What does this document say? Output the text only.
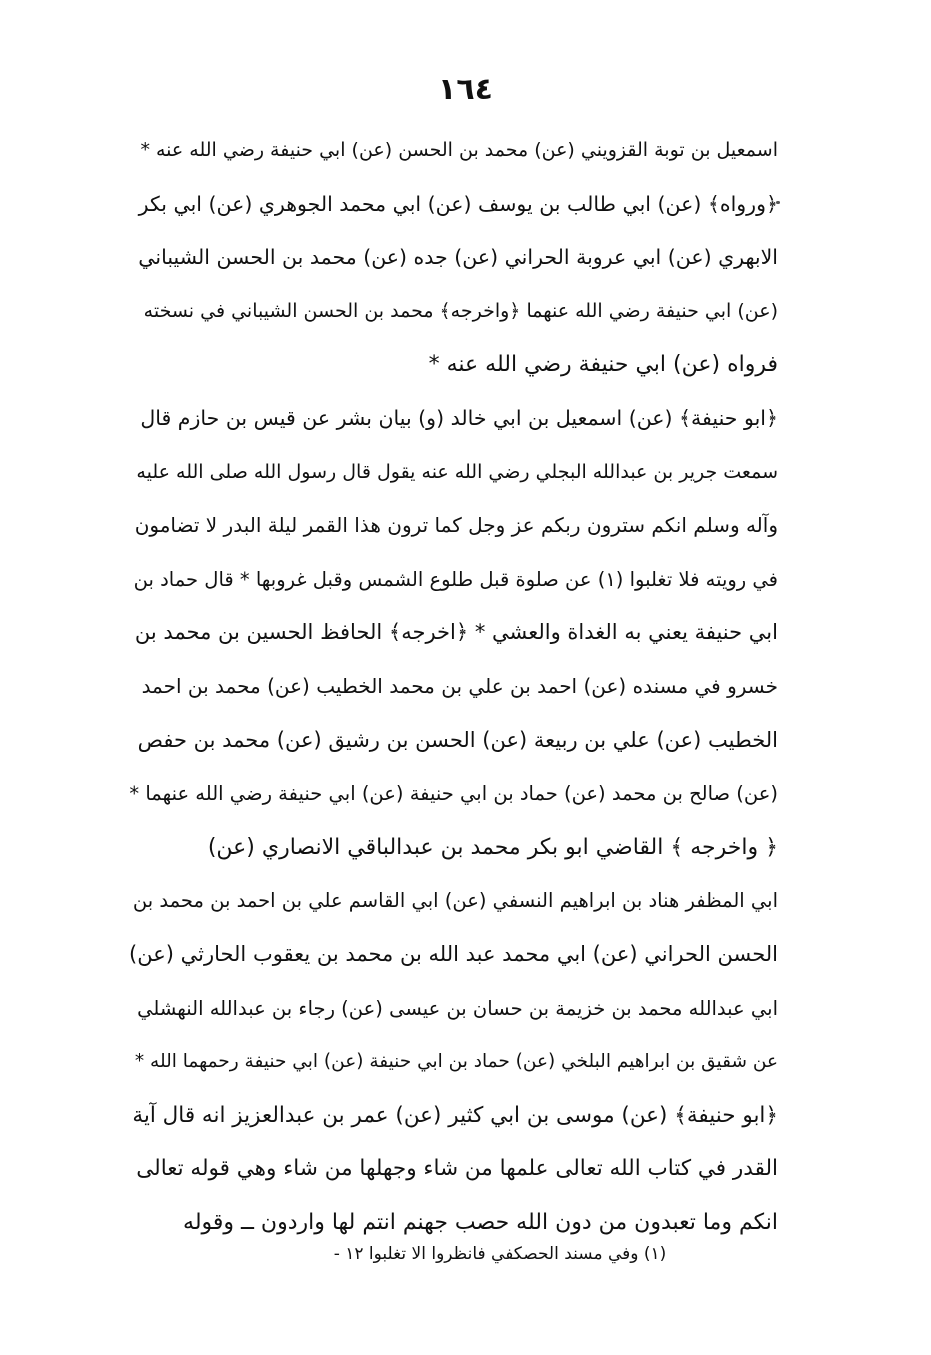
١٦٤
اسمعيل بن توبة القزويني (عن) محمد بن الحسن (عن) ابي حنيفة رضي الله عنه *
﴿ورواه﴾ (عن) ابي طالب بن يوسف (عن) ابي محمد الجوهري (عن) ابي بكر
الابهري (عن) ابي عروبة الحراني (عن) جده (عن) محمد بن الحسن الشيباني
(عن) ابي حنيفة رضي الله عنهما ﴿واخرجه﴾ محمد بن الحسن الشيباني في نسخته
فرواه (عن) ابي حنيفة رضي الله عنه *
﴿ابو حنيفة﴾ (عن) اسمعيل بن ابي خالد (و) بيان بشر عن قيس بن حازم قال
سمعت جرير بن عبدالله البجلي رضي الله عنه يقول قال رسول الله صلى الله عليه
وآله وسلم انكم سترون ربكم عز وجل كما ترون هذا القمر ليلة البدر لا تضامون
في رويته فلا تغلبوا (١) عن صلوة قبل طلوع الشمس وقبل غروبها * قال حماد بن
ابي حنيفة يعني به الغداة والعشي * ﴿اخرجه﴾ الحافظ الحسين بن محمد بن
خسرو في مسنده (عن) احمد بن علي بن محمد الخطيب (عن) محمد بن احمد
الخطيب (عن) علي بن ربيعة (عن) الحسن بن رشيق (عن) محمد بن حفص
(عن) صالح بن محمد (عن) حماد بن ابي حنيفة (عن) ابي حنيفة رضي الله عنهما *
﴿ واخرجه ﴾ القاضي ابو بكر محمد بن عبدالباقي الانصاري (عن)
ابي المظفر هناد بن ابراهيم النسفي (عن) ابي القاسم علي بن احمد بن محمد بن
الحسن الحراني (عن) ابي محمد عبد الله بن محمد بن يعقوب الحارثي (عن)
ابي عبدالله محمد بن خزيمة بن حسان بن عيسى (عن) رجاء بن عبدالله النهشلي
عن شقيق بن ابراهيم البلخي (عن) حماد بن ابي حنيفة (عن) ابي حنيفة رحمهما الله *
﴿ابو حنيفة﴾ (عن) موسى بن ابي كثير (عن) عمر بن عبدالعزيز انه قال آية
القدر في كتاب الله تعالى علمها من شاء وجهلها من شاء وهي قوله تعالى
انكم وما تعبدون من دون الله حصب جهنم انتم لها واردون ــ وقوله
(١) وفي مسند الحصكفي فانظروا الا تغلبوا ١٢ -
